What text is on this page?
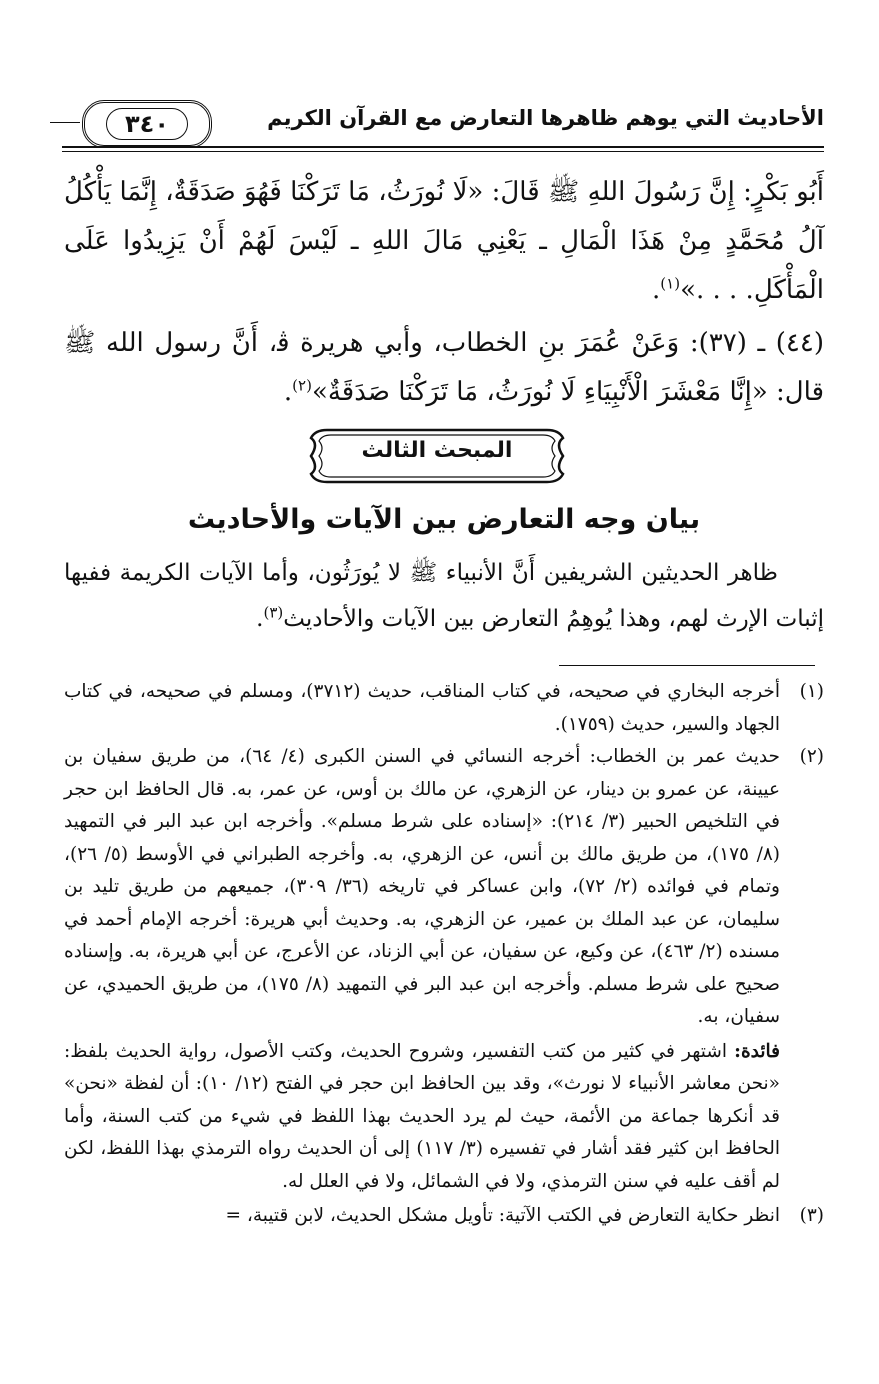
الأحاديث التي يوهم ظاهرها التعارض مع القرآن الكريم
٣٤٠

أَبُو بَكْرٍ: إِنَّ رَسُولَ اللهِ ﷺ قَالَ: «لَا نُورَثُ، مَا تَرَكْنَا فَهُوَ صَدَقَةٌ، إِنَّمَا يَأْكُلُ آلُ مُحَمَّدٍ مِنْ هَذَا الْمَالِ ـ يَعْنِي مَالَ اللهِ ـ لَيْسَ لَهُمْ أَنْ يَزِيدُوا عَلَى الْمَأْكَلِ. . . .»$^{(١)}$.

(٤٤) ـ (٣٧): وَعَنْ عُمَرَ بنِ الخطاب، وأبي هريرة ﭬ، أَنَّ رسول الله ﷺ قال: «إِنَّا مَعْشَرَ الْأَنْبِيَاءِ لَا نُورَثُ، مَا تَرَكْنَا صَدَقَةٌ»$^{(٢)}$.

المبحث الثالث
بيان وجه التعارض بين الآيات والأحاديث

  ظاهر الحديثين الشريفين أَنَّ الأنبياء ﷺ لا يُورَثُون، وأما الآيات الكريمة ففيها إثبات الإرث لهم، وهذا يُوهِمُ التعارض بين الآيات والأحاديث$^{(٣)}$.

(١)
أخرجه البخاري في صحيحه، في كتاب المناقب، حديث (٣٧١٢)، ومسلم في صحيحه، في كتاب الجهاد والسير، حديث (١٧٥٩).

(٢)
حديث عمر بن الخطاب: أخرجه النسائي في السنن الكبرى (٤/ ٦٤)، من طريق سفيان بن عيينة، عن عمرو بن دينار، عن الزهري، عن مالك بن أوس، عن عمر، به. قال الحافظ ابن حجر في التلخيص الحبير (٣/ ٢١٤): «إسناده على شرط مسلم». وأخرجه ابن عبد البر في التمهيد (٨/ ١٧٥)، من طريق مالك بن أنس، عن الزهري، به. وأخرجه الطبراني في الأوسط (٥/ ٢٦)، وتمام في فوائده (٢/ ٧٢)، وابن عساكر في تاريخه (٣٦/ ٣٠٩)، جميعهم من طريق تليد بن سليمان، عن عبد الملك بن عمير، عن الزهري، به. وحديث أبي هريرة: أخرجه الإمام أحمد في مسنده (٢/ ٤٦٣)، عن وكيع، عن سفيان، عن أبي الزناد، عن الأعرج، عن أبي هريرة، به. وإسناده صحيح على شرط مسلم. وأخرجه ابن عبد البر في التمهيد (٨/ ١٧٥)، من طريق الحميدي، عن سفيان، به.

فائدة: اشتهر في كثير من كتب التفسير، وشروح الحديث، وكتب الأصول، رواية الحديث بلفظ: «نحن معاشر الأنبياء لا نورث»، وقد بين الحافظ ابن حجر في الفتح (١٢/ ١٠): أن لفظة «نحن» قد أنكرها جماعة من الأئمة، حيث لم يرد الحديث بهذا اللفظ في شيء من كتب السنة، وأما الحافظ ابن كثير فقد أشار في تفسيره (٣/ ١١٧) إلى أن الحديث رواه الترمذي بهذا اللفظ، لكن لم أقف عليه في سنن الترمذي، ولا في الشمائل، ولا في العلل له.

(٣)
انظر حكاية التعارض في الكتب الآتية: تأويل مشكل الحديث، لابن قتيبة، =
